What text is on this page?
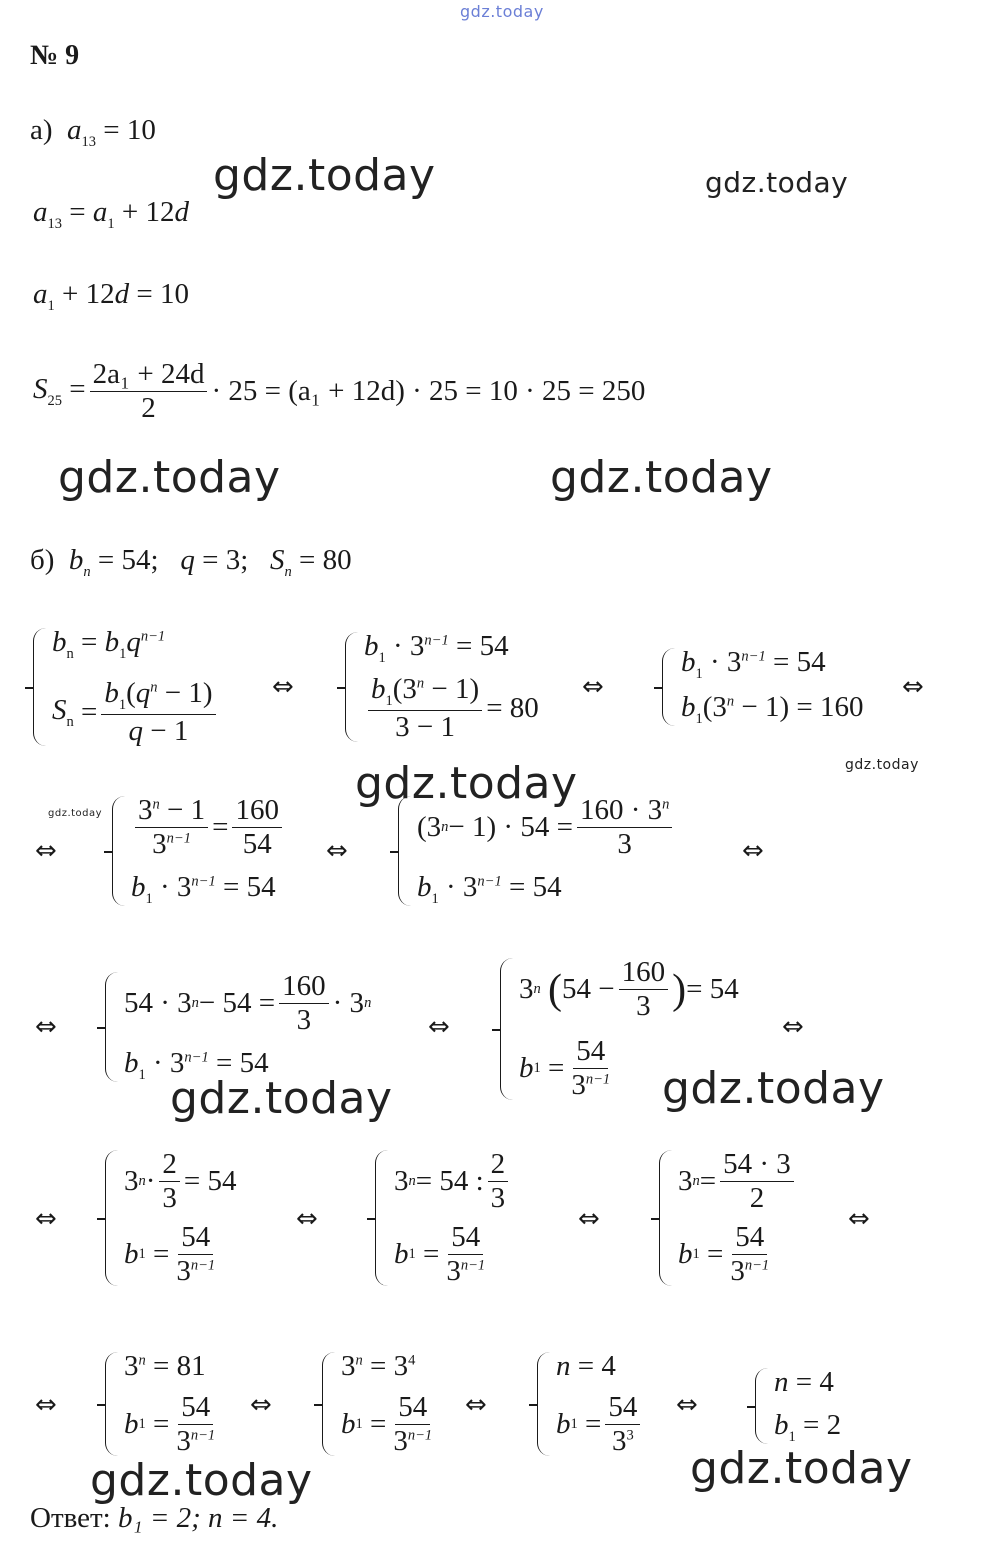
gdz.today
gdz.today	gdz.today
gdz.today	gdz.today
gdz.today
gdz.today
gdz.today
gdz.today	gdz.today
gdz.today	gdz.today
№ 9
а) $a_{13} = 10$
$a_{13} = a_1 + 12d$
$a_1 + 12d = 10$
$S_{25} = \frac{\text{2a₁ + 24d}}{2} \cdot 25 = (a_1 + 12d) \cdot 25 = 10 \cdot 25 = 250$
б) $b_n = 54$;   q = 3;   $S_n = 80$
$b_n = b_1q^{n-1}$
$S_n = \frac{b_1(q^n - 1)}{q - 1}$ ⇔
$b_1 \cdot 3^{n-1} = 54$
$\frac{b_1(3^n - 1)}{3 - 1} = 80$
⇔
$b_1 \cdot 3^{n-1} = 54$
$b_1(3^n - 1) = 160$
⇔
⇔	$\frac{3^n - 1}{3^{n-1}} = \frac{160}{54}$
$b_1 \cdot 3^{n-1} = 54$
⇔
(3 $n - 1) \cdot 54 = \frac{160 \cdot 3^n}{3}$
$b_1 \cdot 3^{n-1} = 54$
⇔
⇔
54 · 3 $n - 54 = \frac{160}{3} \cdot 3$ n
$b_1 \cdot 3^{n-1} = 54$
⇔
3 n
( $54 - \frac{160}{3}$ ) = 54
b $1 = \frac{54}{3^{n-1}}$
⇔
⇔
3 $n \cdot \frac{2}{3} = 54$
b $1 = \frac{54}{3^{n-1}}$
⇔
3 n = 54 : $\frac{2}{3}$
b $1 = \frac{54}{3^{n-1}}$
⇔
3 $n = \frac{54 \cdot 3}{2}$
b $1 = \frac{54}{3^{n-1}}$
⇔
⇔
$3^n = 81$
b $1 = \frac{54}{3^{n-1}}$ ⇔
$3^n = 3^4$
b $1 = \frac{54}{3^{n-1}}$ ⇔
n = 4
b $1 = \frac{54}{3^3}$ ⇔
n = 4
$b_1 = 2$
Ответ: b₁ = 2; n = 4.
